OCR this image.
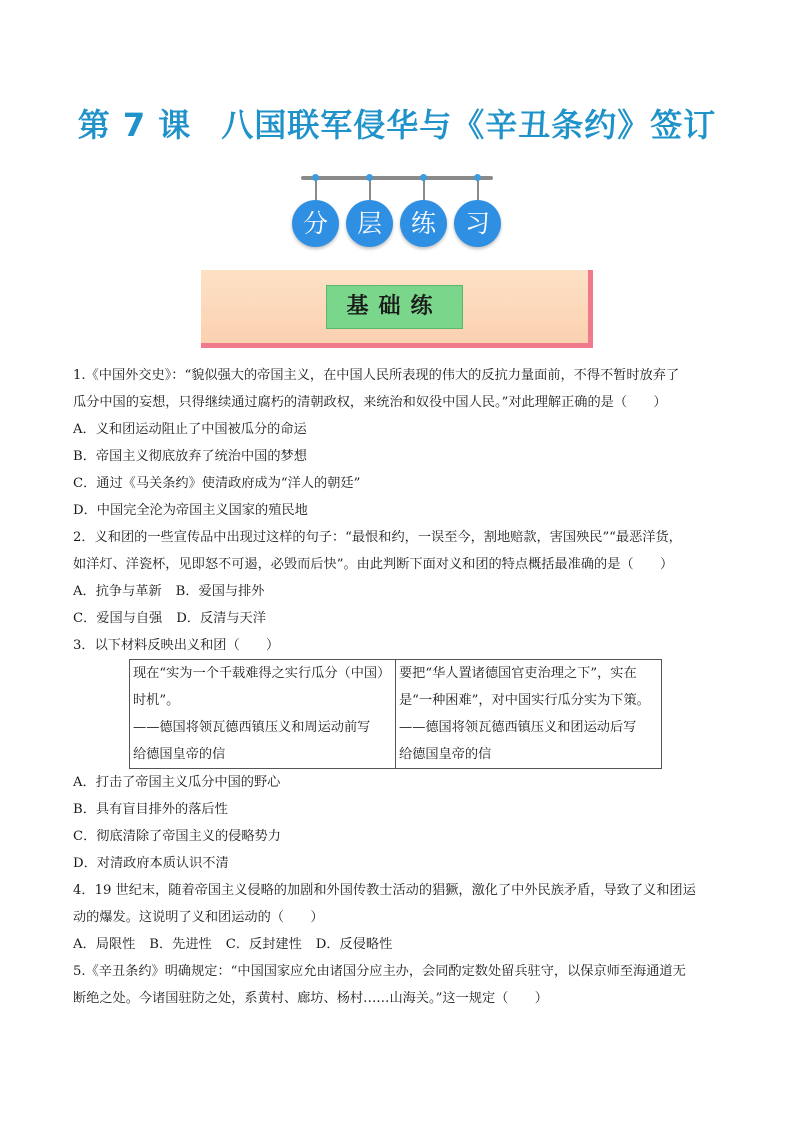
第 7 课 八国联军侵华与《辛丑条约》签订
分	层	练	习
基础练

1.《中国外交史》：“貌似强大的帝国主义，在中国人民所表现的伟大的反抗力量面前，不得不暂时放弃了

瓜分中国的妄想，只得继续通过腐朽的清朝政权，来统治和奴役中国人民。”对此理解正确的是（　　）

A．义和团运动阻止了中国被瓜分的命运

B．帝国主义彻底放弃了统治中国的梦想

C．通过《马关条约》使清政府成为“洋人的朝廷”

D．中国完全沦为帝国主义国家的殖民地

2．义和团的一些宣传品中出现过这样的句子：“最恨和约，一误至今，割地赔款，害国殃民”“最恶洋货，

如洋灯、洋瓷杯，见即怒不可遏，必毁而后快”。由此判断下面对义和团的特点概括最准确的是（　　）

A．抗争与革新 B．爱国与排外

C．爱国与自强 D．反清与天洋

3．以下材料反映出义和团（　　）

现在“实为一个千载难得之实行瓜分（中国）
时机”。
——德国将领瓦德西镇压义和周运动前写
给德国皇帝的信

要把“华人置诸德国官吏治理之下”，实在
是“一种困难”，对中国实行瓜分实为下策。
——德国将领瓦德西镇压义和团运动后写
给德国皇帝的信

A．打击了帝国主义瓜分中国的野心

B．具有盲目排外的落后性

C．彻底清除了帝国主义的侵略势力

D．对清政府本质认识不清

4．19 世纪末，随着帝国主义侵略的加剧和外国传教士活动的猖獗，激化了中外民族矛盾，导致了义和团运

动的爆发。这说明了义和团运动的（　　）

A．局限性 B．先进性 C．反封建性 D．反侵略性

5.《辛丑条约》明确规定：“中国国家应允由诸国分应主办，会同酌定数处留兵驻守，以保京师至海通道无

断绝之处。今诸国驻防之处，系黄村、廊坊、杨村……山海关。”这一规定（　　）
